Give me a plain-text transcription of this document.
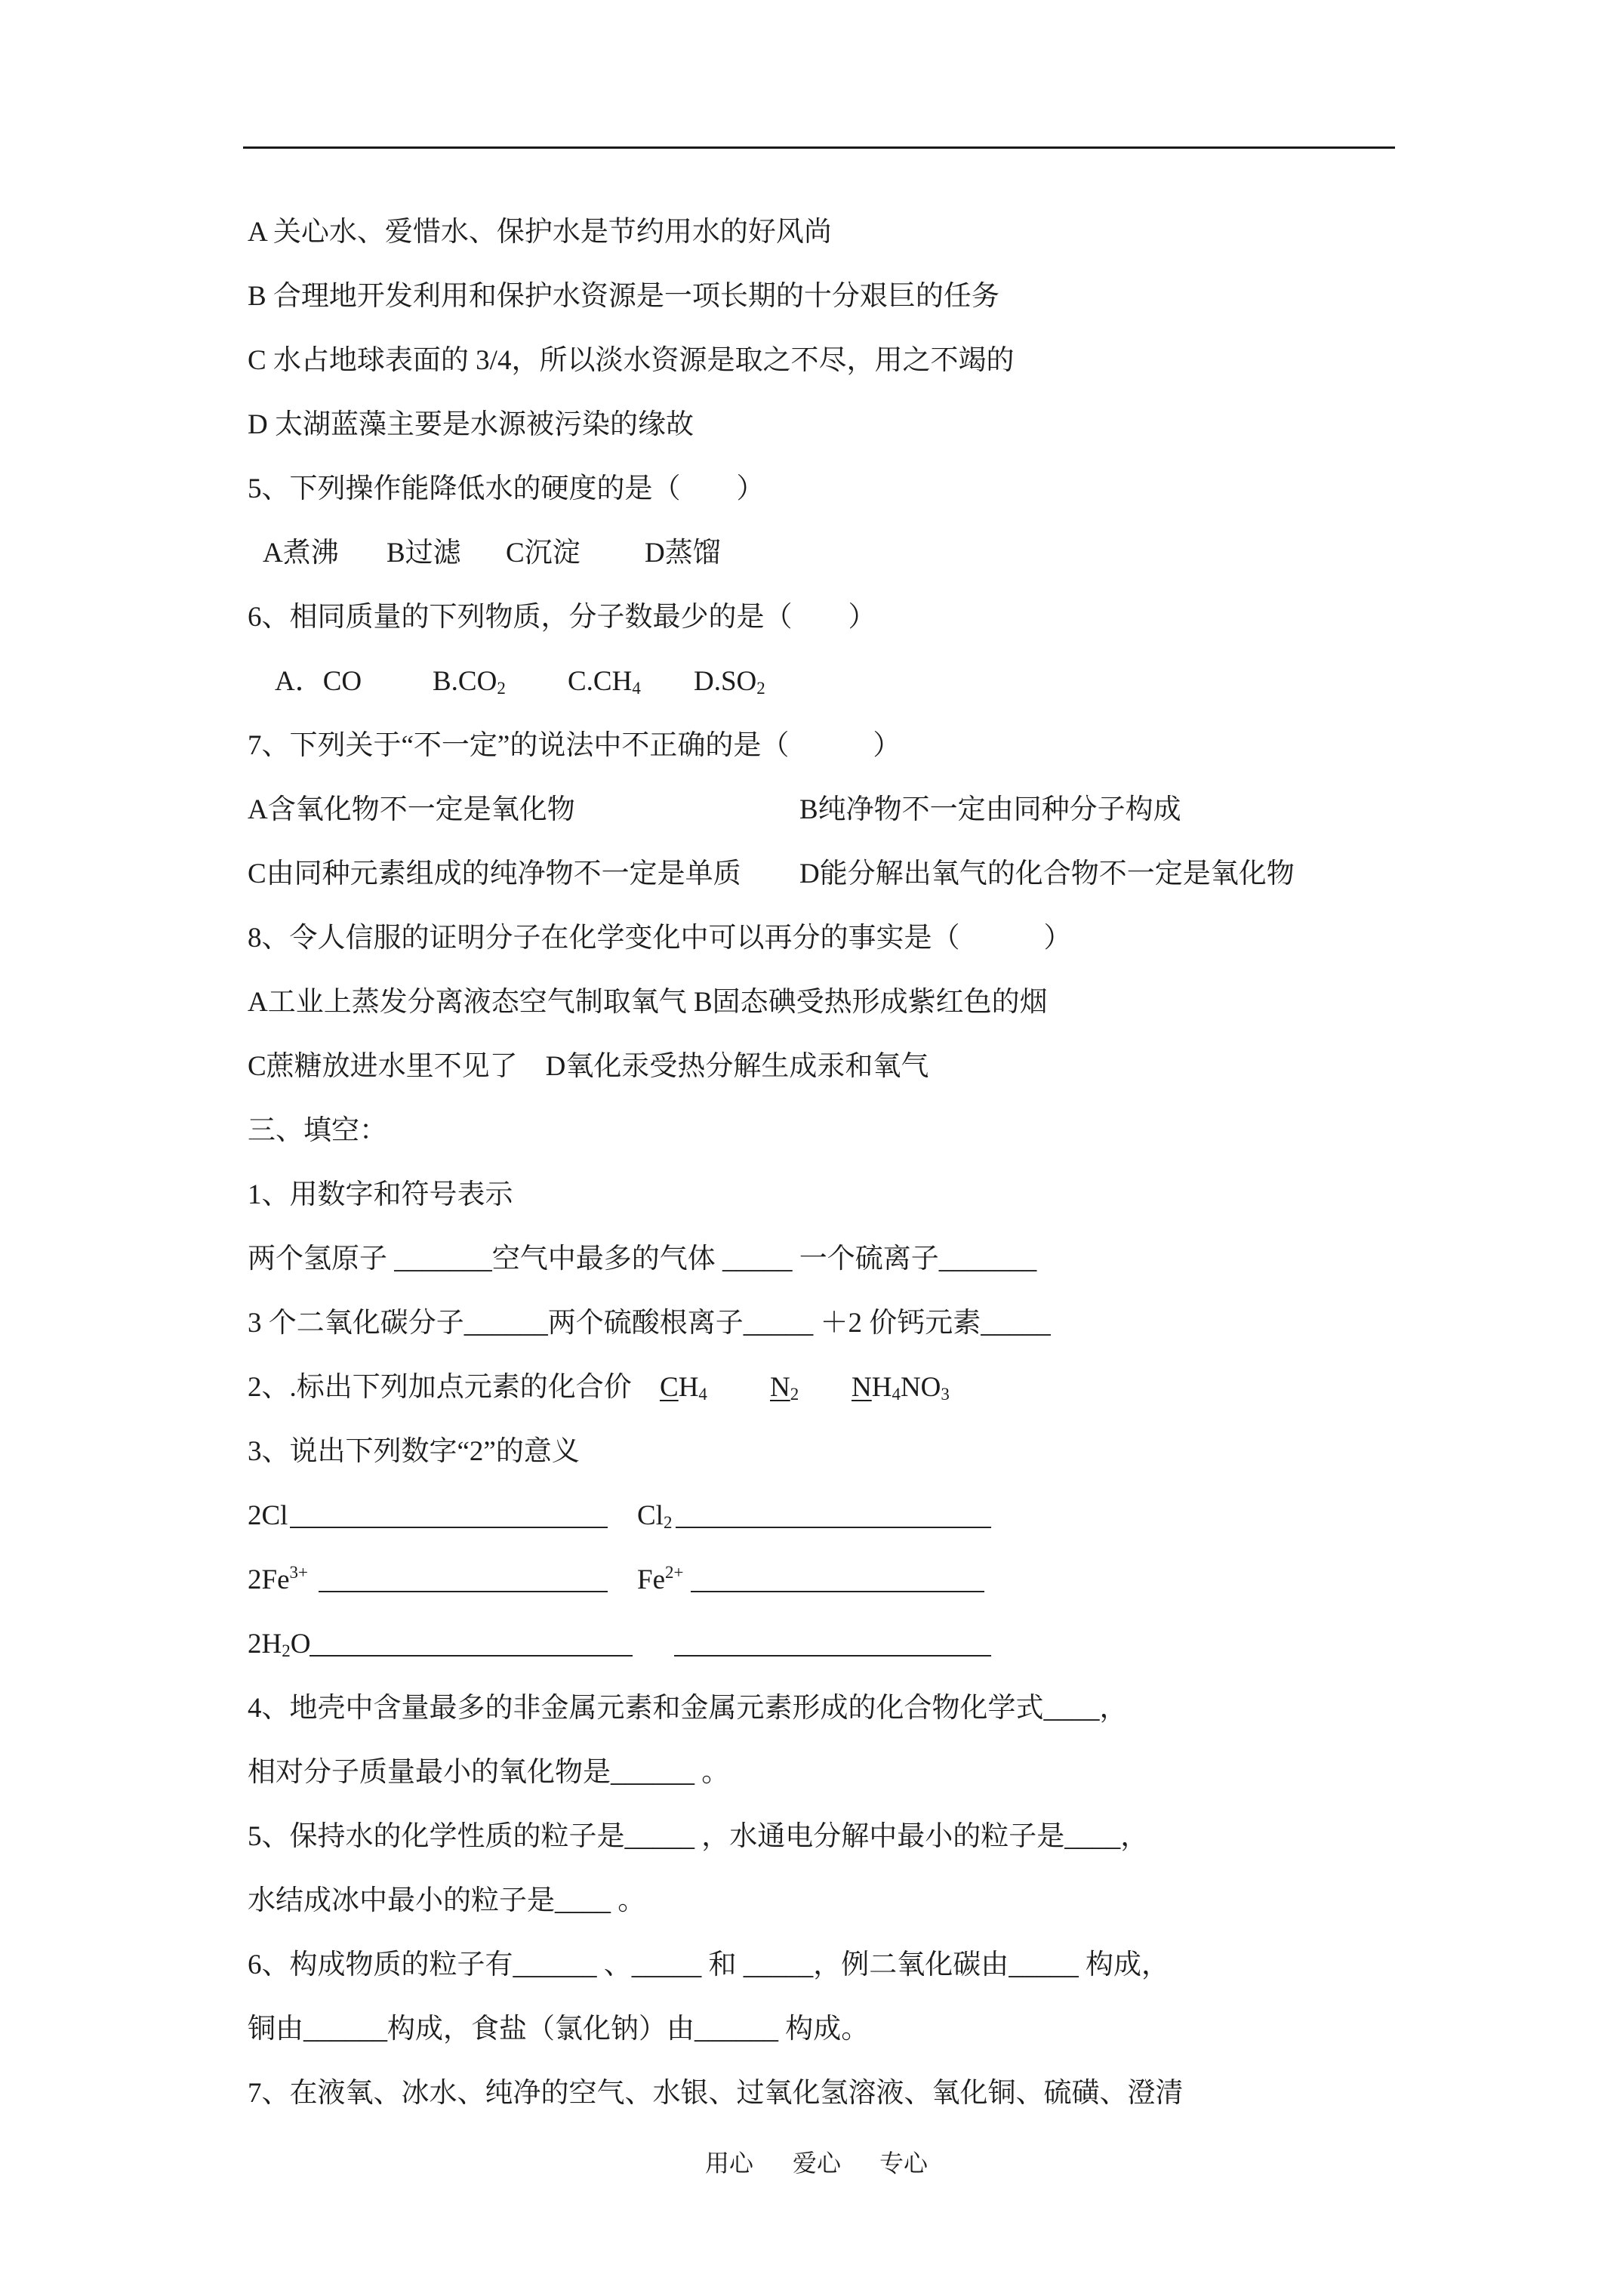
A 关心水、爱惜水、保护水是节约用水的好风尚
B 合理地开发利用和保护水资源是一项长期的十分艰巨的任务
C 水占地球表面的 3/4，所以淡水资源是取之不尽，用之不竭的
D 太湖蓝藻主要是水源被污染的缘故
5、下列操作能降低水的硬度的是（　　）
A煮沸 B过滤 C沉淀 D蒸馏
6、相同质量的下列物质，分子数最少的是（　　）
A．CO	B.CO2 C.CH4 D.SO2
7、下列关于“不一定”的说法中不正确的是（　　　）
A含氧化物不一定是氧化物	B纯净物不一定由同种分子构成
C由同种元素组成的纯净物不一定是单质 D能分解出氧气的化合物不一定是氧化物
8、令人信服的证明分子在化学变化中可以再分的事实是（　　　）
A工业上蒸发分离液态空气制取氧气 B固态碘受热形成紫红色的烟
C蔗糖放进水里不见了　D氧化汞受热分解生成汞和氧气
三、填空：
1、用数字和符号表示
两个氢原子 _______空气中最多的气体 _____ 一个硫离子_______
3 个二氧化碳分子______两个硫酸根离子_____ ＋2 价钙元素_____
2、.标出下列加点元素的化合价 CH4 N2 NH4NO3
3、说出下列数字“2”的意义
2Cl	Cl2
$2Fe^{3+}$	$Fe^{2+}$
2H2O
4、地壳中含量最多的非金属元素和金属元素形成的化合物化学式____，
相对分子质量最小的氧化物是______ 。
5、保持水的化学性质的粒子是_____ ，水通电分解中最小的粒子是____，
水结成冰中最小的粒子是____ 。
6、构成物质的粒子有______ 、_____ 和 _____，例二氧化碳由_____ 构成，
铜由______构成，食盐（氯化钠）由______ 构成。
7、在液氧、冰水、纯净的空气、水银、过氧化氢溶液、氧化铜、硫磺、澄清
用心 爱心 专心
